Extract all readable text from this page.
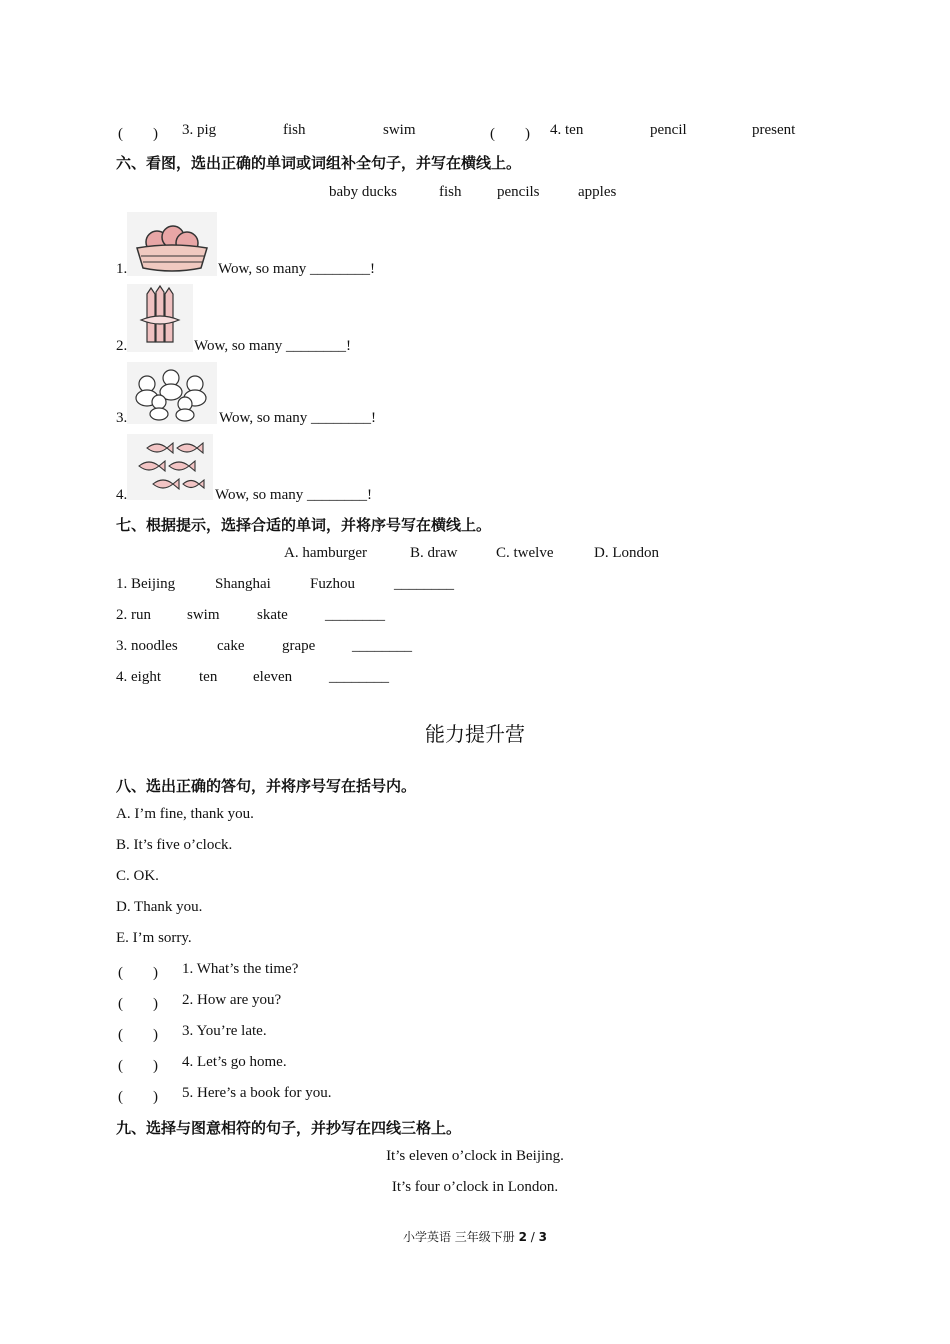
(　　) 3. pig	fish	swim	(　　) 4. ten	pencil	present
六、看图，选出正确的单词或词组补全句子，并写在横线上。
baby ducks	fish pencils	apples
1.	Wow, so many ________!
2.	Wow, so many ________!
3.	Wow, so many ________!
4.	Wow, so many ________!
七、根据提示，选择合适的单词，并将序号写在横线上。
A. hamburger	B. draw	C. twelve	D. London
1. Beijing	Shanghai	Fuzhou	________
2. run swim skate ________
3. noodles	cake	grape ________
4. eight	ten eleven ________
能力提升营
八、选出正确的答句，并将序号写在括号内。
A. I’m fine, thank you.
B. It’s five o’clock.
C. OK.
D. Thank you.
E. I’m sorry.
(　　) 1. What’s the time?
(　　) 2. How are you?
(　　) 3. You’re late.
(　　) 4. Let’s go home.
(　　) 5. Here’s a book for you.
九、选择与图意相符的句子，并抄写在四线三格上。
It’s eleven o’clock in Beijing.
It’s four o’clock in London.
小学英语 三年级下册 2 / 3
